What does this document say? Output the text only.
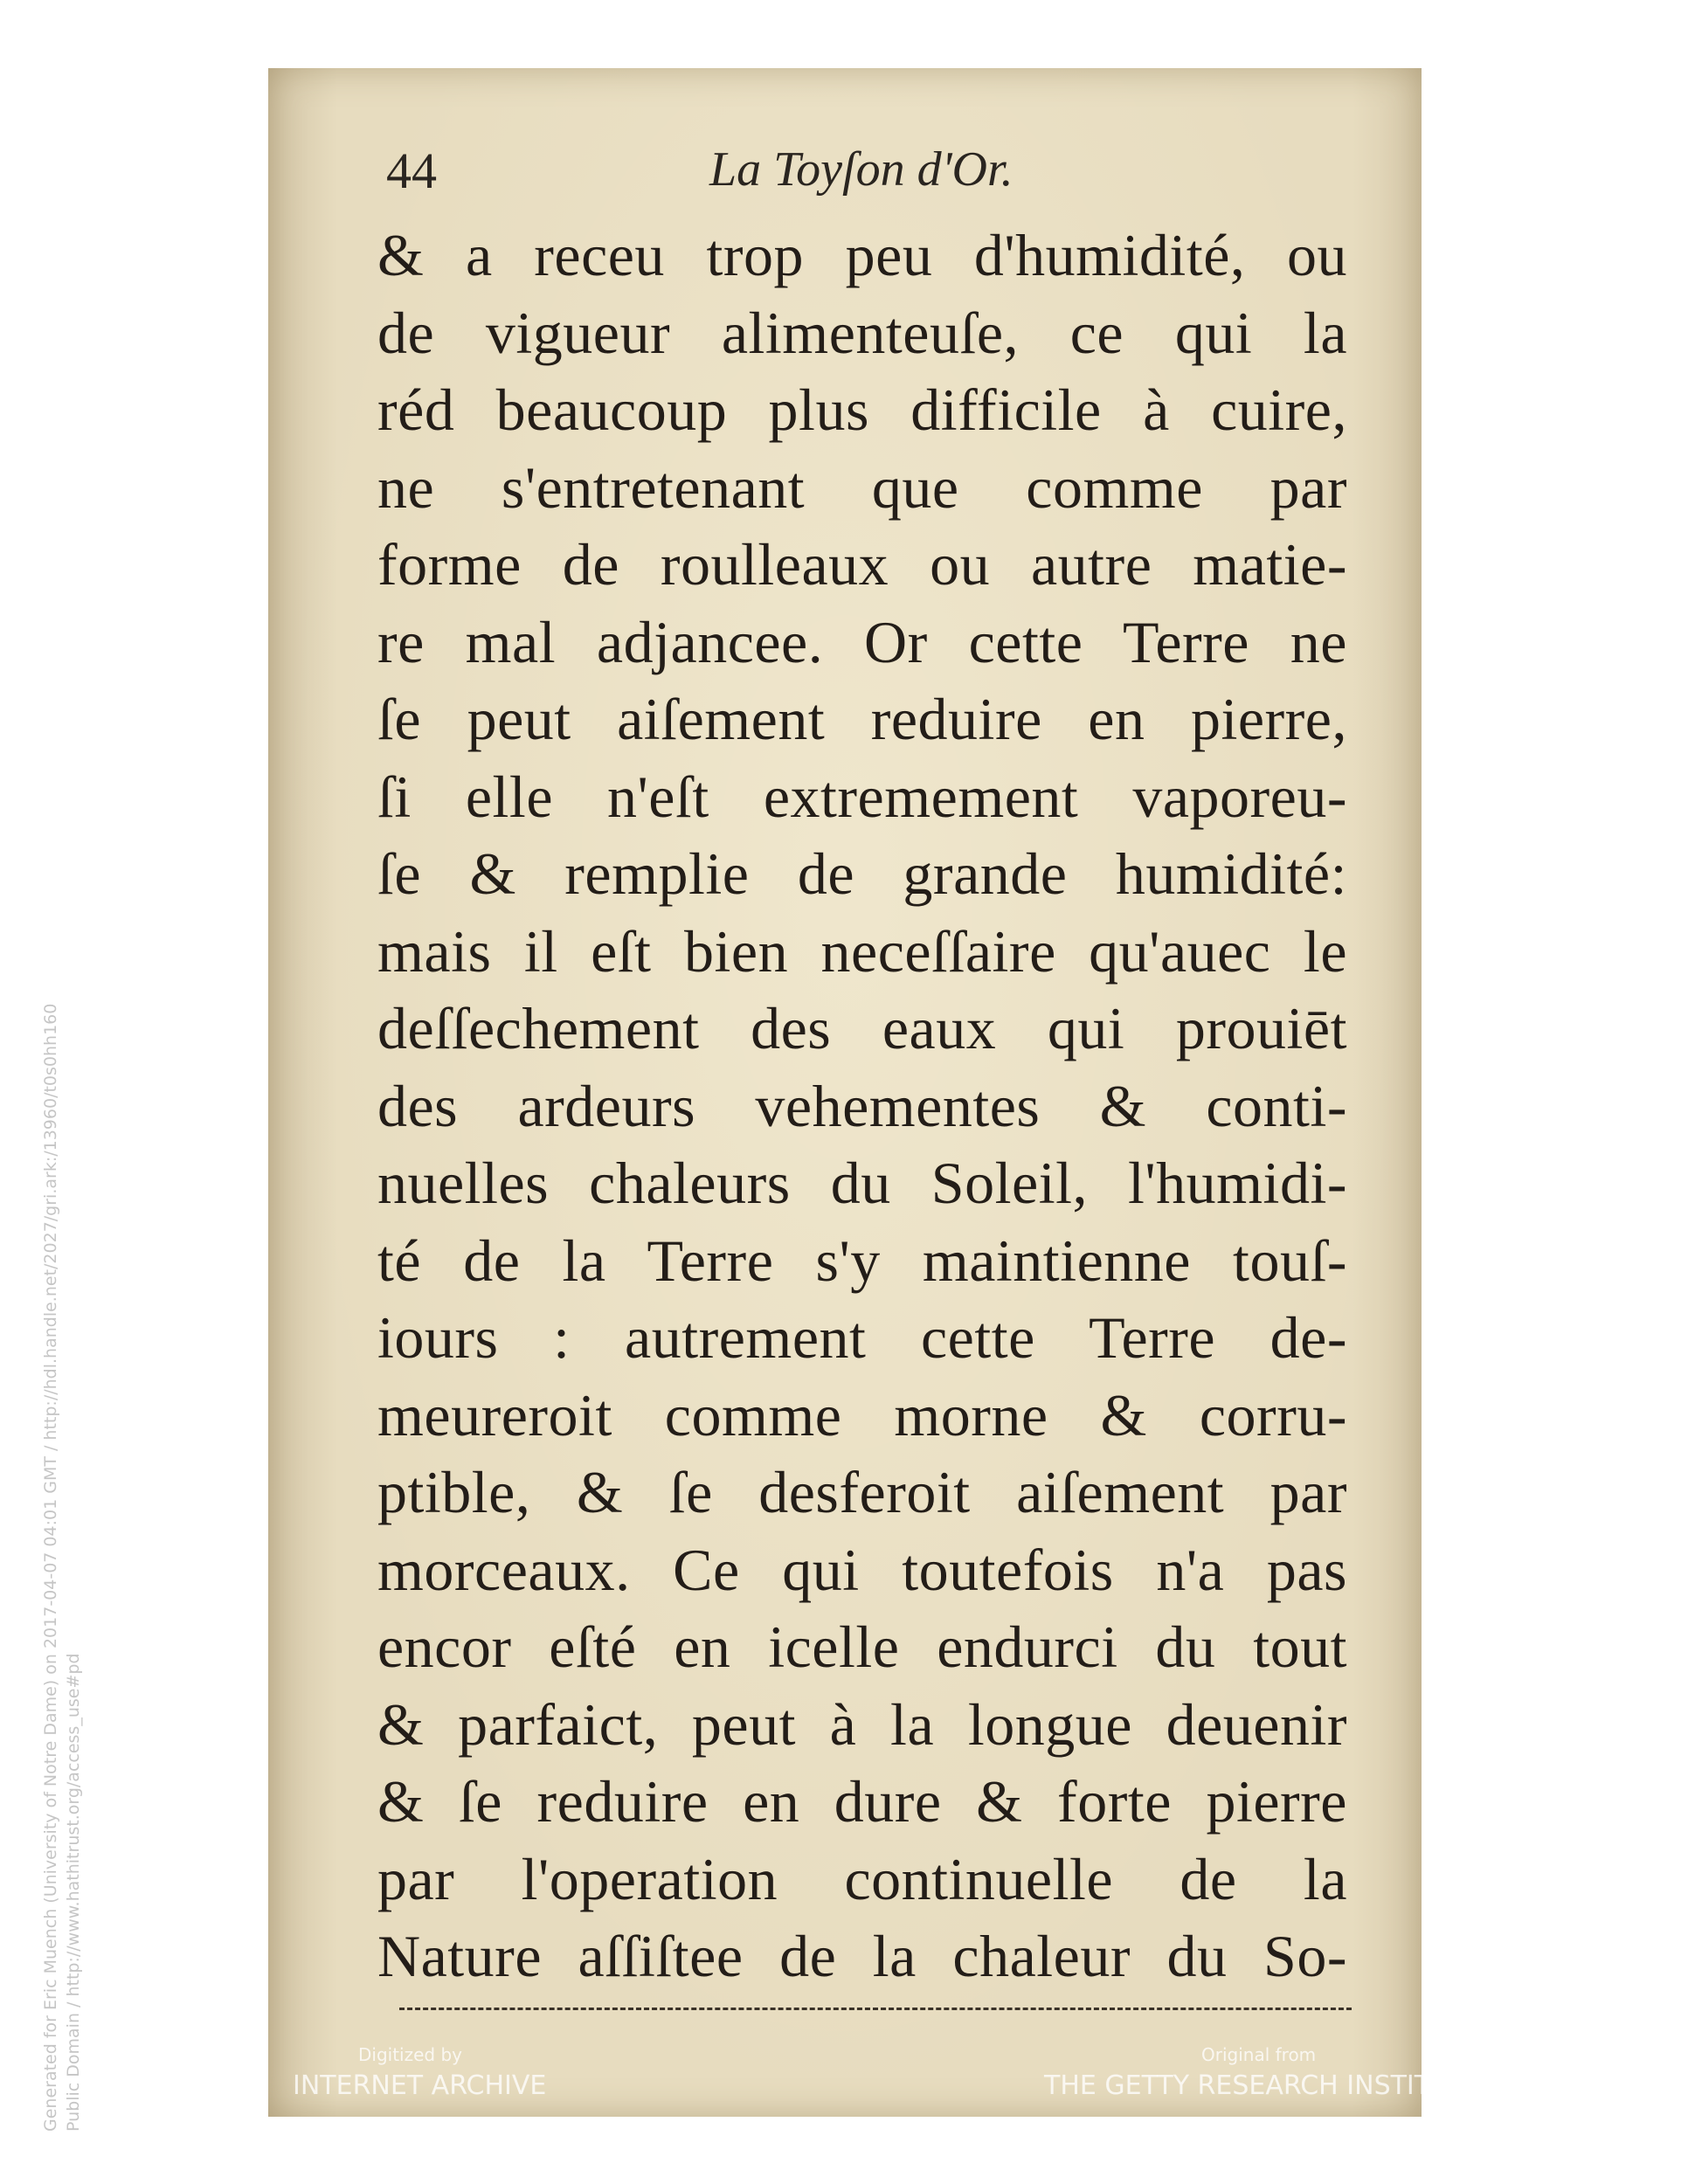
44	La Toyſon d'Or.
& a receu trop peu d'humidité, ou
de vigueur alimenteuſe, ce qui la
réd beaucoup plus difficile à cuire,
ne s'entretenant que comme par
forme de roulleaux ou autre matie-
re mal adjancee. Or cette Terre ne
ſe peut aiſement reduire en pierre,
ſi elle n'eſt extremement vaporeu-
ſe & remplie de grande humidité:
mais il eſt bien neceſſaire qu'auec le
deſſechement des eaux qui prouiēt
des ardeurs vehementes & conti-
nuelles chaleurs du Soleil, l'humidi-
té de la Terre s'y maintienne touſ-
iours : autrement cette Terre de-
meureroit comme morne & corru-
ptible, & ſe desferoit aiſement par
morceaux. Ce qui toutefois n'a pas
encor eſté en icelle endurci du tout
& parfaict, peut à la longue deuenir
& ſe reduire en dure & forte pierre
par l'operation continuelle de la
Nature aſſiſtee de la chaleur du So-
Digitized by
INTERNET ARCHIVE
Original from
THE GETTY RESEARCH INSTITUTE
Generated for Eric Muench (University of Notre Dame) on 2017-04-07 04:01 GMT / http://hdl.handle.net/2027/gri.ark:/13960/t0s0hh160 Public Domain / http://www.hathitrust.org/access_use#pd
